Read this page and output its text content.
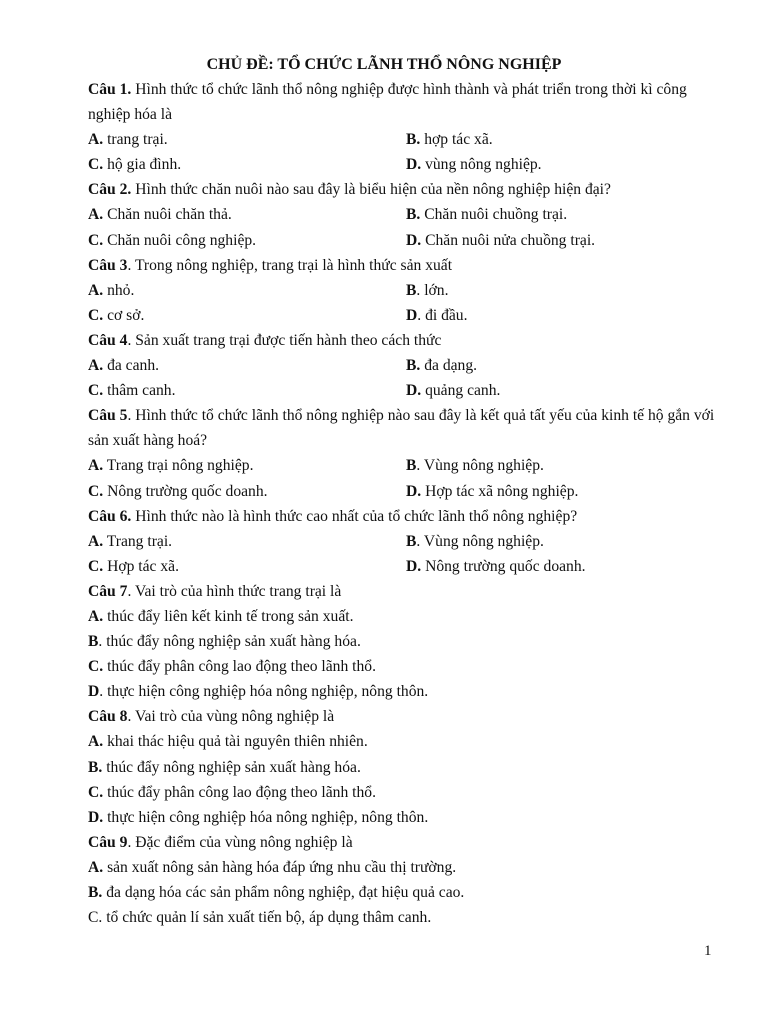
CHỦ ĐỀ: TỔ CHỨC LÃNH THỔ NÔNG NGHIỆP

Câu 1. Hình thức tổ chức lãnh thổ nông nghiệp được hình thành và phát triển trong thời kì công nghiệp hóa là

A. trang trại.	B. hợp tác xã.

C. hộ gia đình.	D. vùng nông nghiệp.

Câu 2. Hình thức chăn nuôi nào sau đây là biểu hiện của nền nông nghiệp hiện đại?

A. Chăn nuôi chăn thả.	B. Chăn nuôi chuồng trại.

C. Chăn nuôi công nghiệp.	D. Chăn nuôi nửa chuồng trại.

Câu 3. Trong nông nghiệp, trang trại là hình thức sản xuất

A. nhỏ.	B. lớn.

C. cơ sở.	D. đi đầu.

Câu 4. Sản xuất trang trại được tiến hành theo cách thức

A. đa canh.	B. đa dạng.

C. thâm canh.	D. quảng canh.

Câu 5. Hình thức tổ chức lãnh thổ nông nghiệp nào sau đây là kết quả tất yếu của kinh tế hộ gắn với sản xuất hàng hoá?

A. Trang trại nông nghiệp.	B. Vùng nông nghiệp.

C. Nông trường quốc doanh.	D. Hợp tác xã nông nghiệp.

Câu 6. Hình thức nào là hình thức cao nhất của tổ chức lãnh thổ nông nghiệp?

A. Trang trại.	B. Vùng nông nghiệp.

C. Hợp tác xã.	D. Nông trường quốc doanh.

Câu 7. Vai trò của hình thức trang trại là

A. thúc đẩy liên kết kinh tế trong sản xuất.

B. thúc đẩy nông nghiệp sản xuất hàng hóa.

C. thúc đẩy phân công lao động theo lãnh thổ.

D. thực hiện công nghiệp hóa nông nghiệp, nông thôn.

Câu 8. Vai trò của vùng nông nghiệp là

A. khai thác hiệu quả tài nguyên thiên nhiên.

B. thúc đẩy nông nghiệp sản xuất hàng hóa.

C. thúc đẩy phân công lao động theo lãnh thổ.

D. thực hiện công nghiệp hóa nông nghiệp, nông thôn.

Câu 9. Đặc điểm của vùng nông nghiệp là

A. sản xuất nông sản hàng hóa đáp ứng nhu cầu thị trường.

B. đa dạng hóa các sản phẩm nông nghiệp, đạt hiệu quả cao.

C. tổ chức quản lí sản xuất tiến bộ, áp dụng thâm canh.

1
